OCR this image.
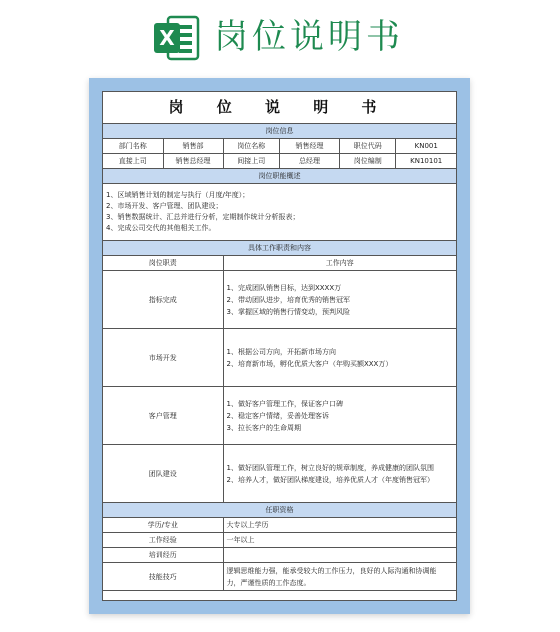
X 岗位说明书
岗 位 说 明 书
岗位信息					
部门名称	销售部	岗位名称	销售经理	职位代码	KN001
直接上司	销售总经理	间接上司	总经理	岗位编制	KN10101
岗位职能概述					

1、区域销售计划的制定与执行（月度/年度）；
2、市场开发、客户管理、团队建设；
3、销售数据统计、汇总并进行分析，定期制作统计分析报表；
4、完成公司交代的其他相关工作。					
具体工作职责和内容	
岗位职责	工作内容
指标完成	1、完成团队销售目标，达到XXXX万
2、带动团队进步，培育优秀的销售冠军
3、掌握区域的销售行情变动，预判风险

市场开发	1、根据公司方向，开拓新市场方向
2、培育新市场，孵化优质大客户（年购买额XXX万）

客户管理	1、做好客户管理工作，保证客户口碑
2、稳定客户情绪，妥善处理客诉
3、拉长客户的生命周期

团队建设	1、做好团队管理工作，树立良好的规章制度，养成健康的团队氛围
2、培养人才，做好团队梯度建设，培养优质人才（年度销售冠军）
任职资格	
学历/专业	大专以上学历

工作经验	一年以上

培训经历	

技能技巧	逻辑思维能力强，能承受较大的工作压力，良好的人际沟通和协调能
力，严谨性质的工作态度。
